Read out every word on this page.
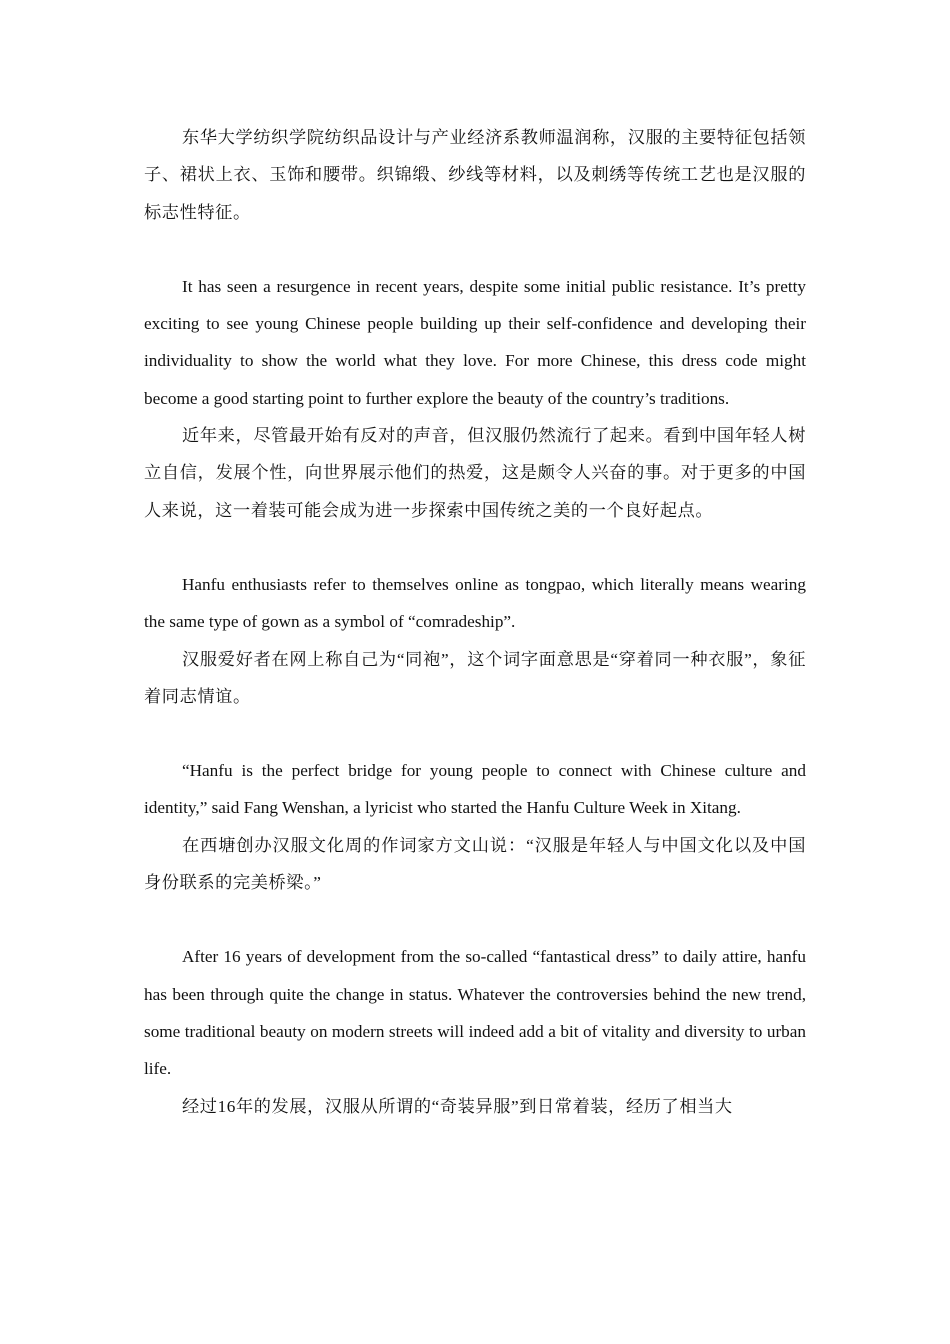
东华大学纺织学院纺织品设计与产业经济系教师温润称，汉服的主要特征包括领子、裙状上衣、玉饰和腰带。织锦缎、纱线等材料，以及刺绣等传统工艺也是汉服的标志性特征。

It has seen a resurgence in recent years, despite some initial public resistance. It’s pretty exciting to see young Chinese people building up their self-confidence and developing their individuality to show the world what they love. For more Chinese, this dress code might become a good starting point to further explore the beauty of the country’s traditions.

近年来，尽管最开始有反对的声音，但汉服仍然流行了起来。看到中国年轻人树立自信，发展个性，向世界展示他们的热爱，这是颇令人兴奋的事。对于更多的中国人来说，这一着装可能会成为进一步探索中国传统之美的一个良好起点。

Hanfu enthusiasts refer to themselves online as tongpao, which literally means wearing the same type of gown as a symbol of “comradeship”.

汉服爱好者在网上称自己为“同袍”，这个词字面意思是“穿着同一种衣服”，象征着同志情谊。

“Hanfu is the perfect bridge for young people to connect with Chinese culture and identity,” said Fang Wenshan, a lyricist who started the Hanfu Culture Week in Xitang.

在西塘创办汉服文化周的作词家方文山说：“汉服是年轻人与中国文化以及中国身份联系的完美桥梁。”

After 16 years of development from the so-called “fantastical dress” to daily attire, hanfu has been through quite the change in status. Whatever the controversies behind the new trend, some traditional beauty on modern streets will indeed add a bit of vitality and diversity to urban life.

经过16年的发展，汉服从所谓的“奇装异服”到日常着装，经历了相当大
